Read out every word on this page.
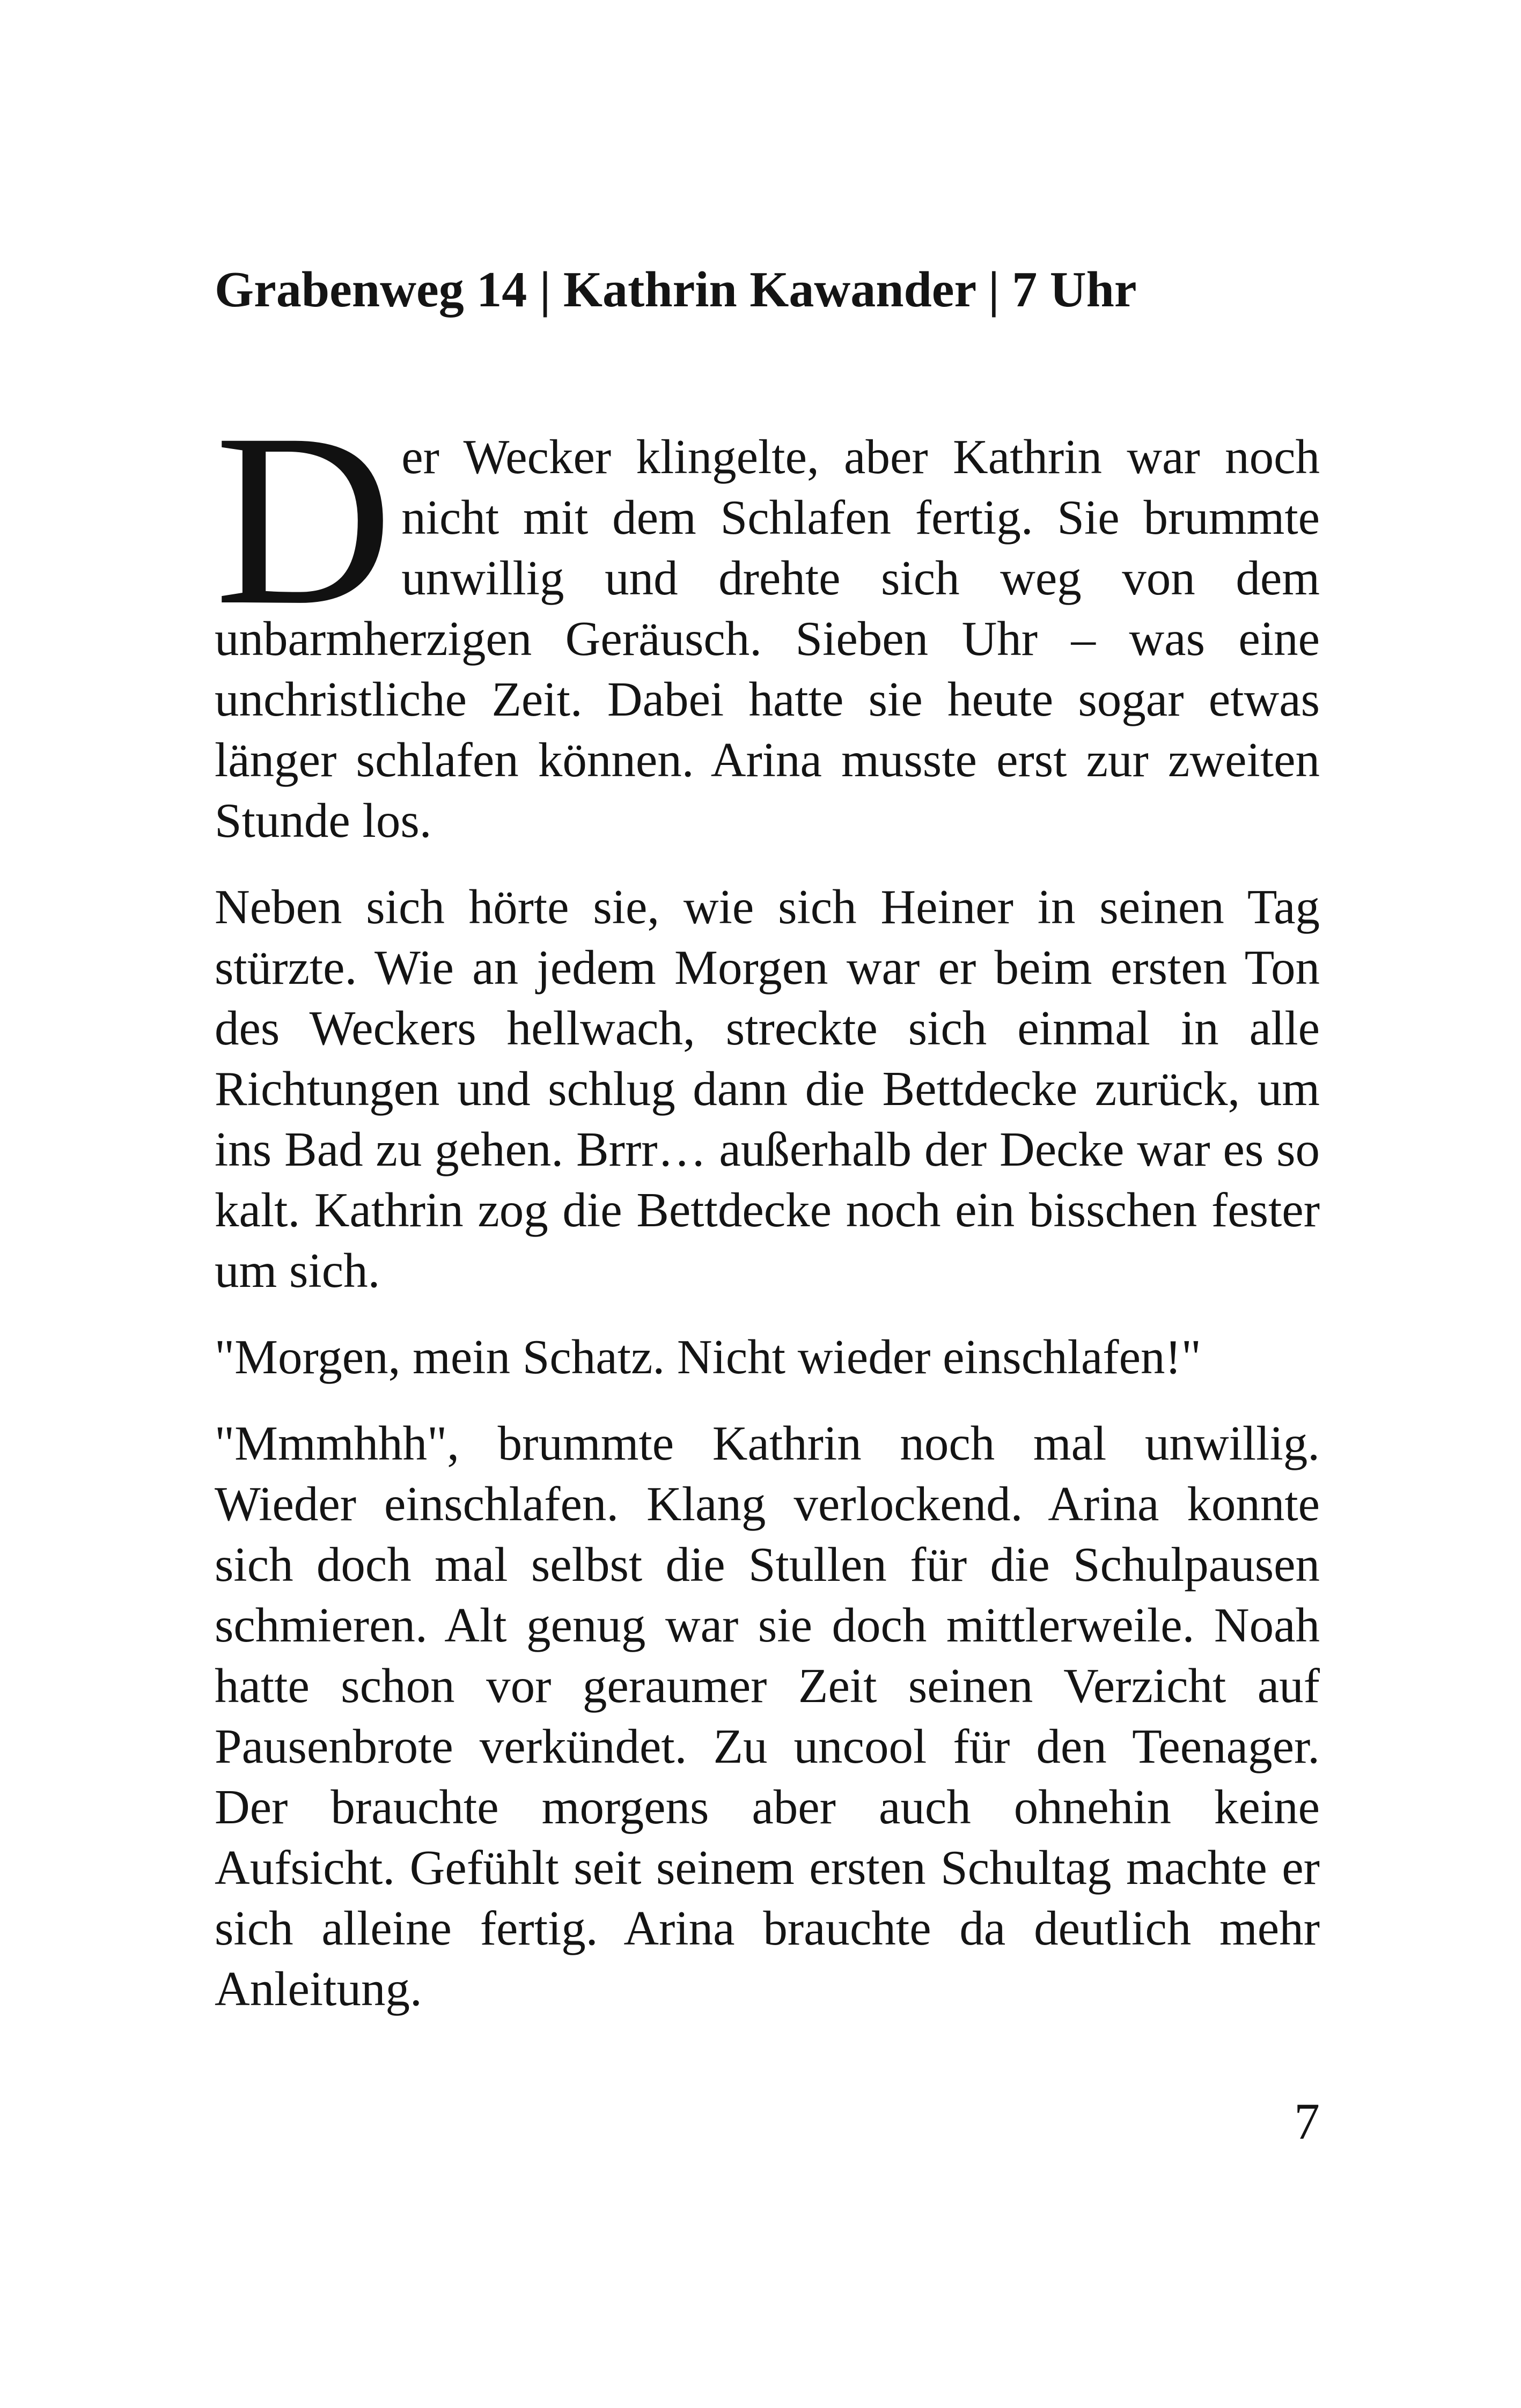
Grabenweg 14 | Kathrin Kawander | 7 Uhr

Der Wecker klingelte, aber Kathrin war noch nicht mit dem Schlafen fertig. Sie brummte unwillig und drehte sich weg von dem unbarmherzigen Geräusch. Sieben Uhr – was eine unchristliche Zeit. Dabei hatte sie heute sogar etwas länger schlafen können. Arina musste erst zur zweiten Stunde los.

Neben sich hörte sie, wie sich Heiner in seinen Tag stürzte. Wie an jedem Morgen war er beim ersten Ton des Weckers hellwach, streckte sich einmal in alle Richtungen und schlug dann die Bettdecke zurück, um ins Bad zu gehen. Brrr… außerhalb der Decke war es so kalt. Kathrin zog die Bettdecke noch ein bisschen fester um sich.

"Morgen, mein Schatz. Nicht wieder einschlafen!"

"Mmmhhh", brummte Kathrin noch mal unwillig. Wieder einschlafen. Klang verlockend. Arina konnte sich doch mal selbst die Stullen für die Schulpausen schmieren. Alt genug war sie doch mittlerweile. Noah hatte schon vor geraumer Zeit seinen Verzicht auf Pausenbrote verkündet. Zu uncool für den Teenager. Der brauchte morgens aber auch ohnehin keine Aufsicht. Gefühlt seit seinem ersten Schultag machte er sich alleine fertig. Arina brauchte da deutlich mehr Anleitung.

7
